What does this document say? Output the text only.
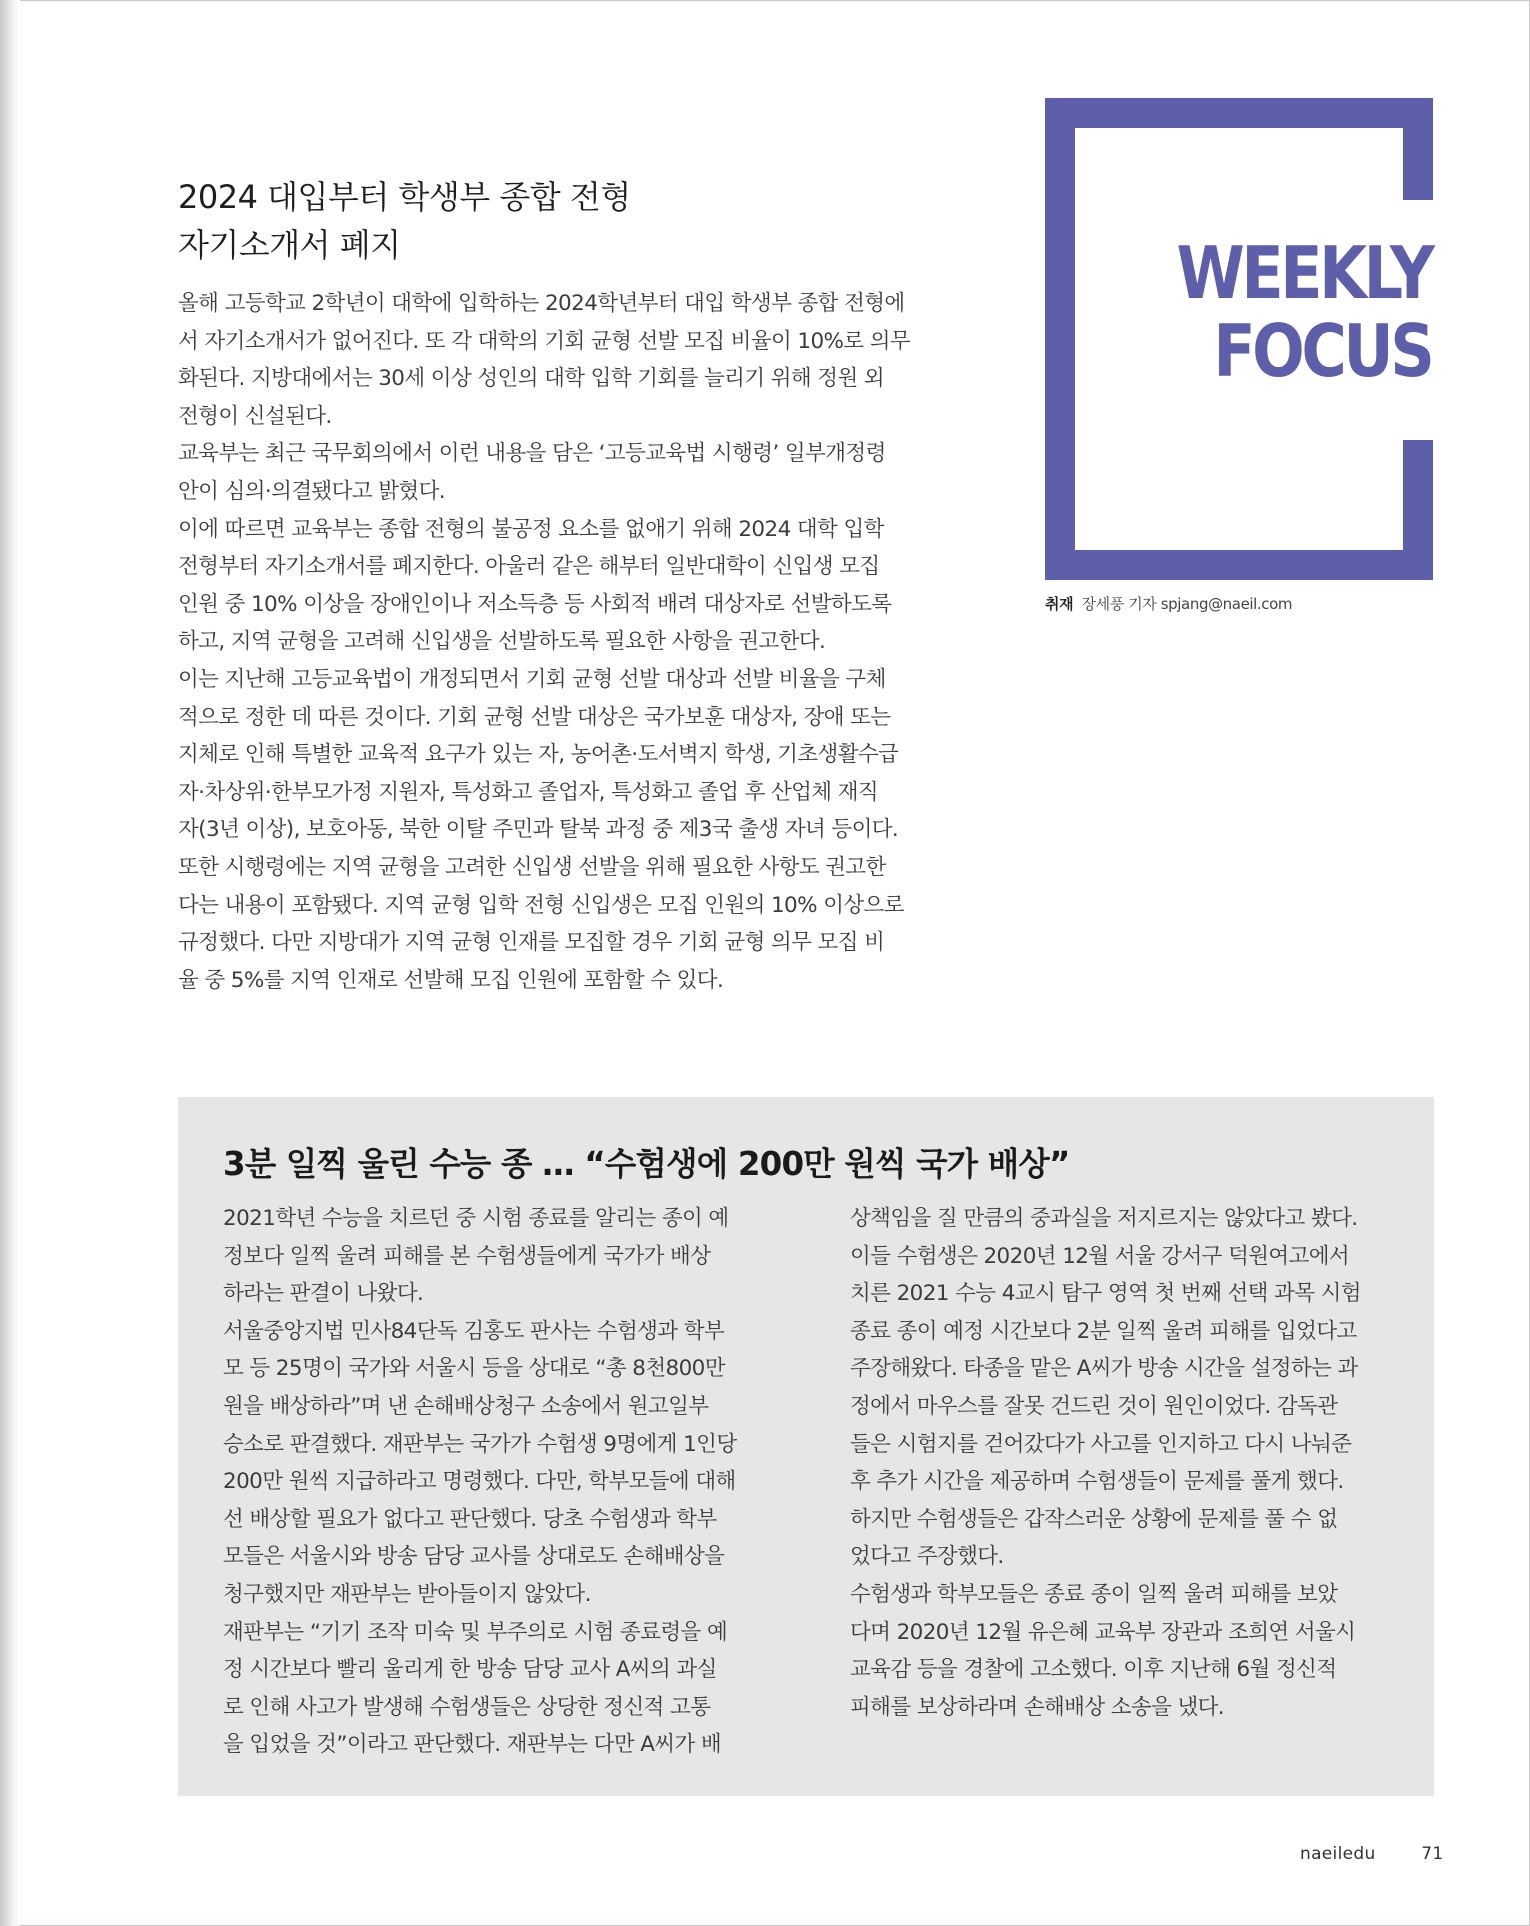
2024 대입부터 학생부 종합 전형
자기소개서 폐지
올해 고등학교 2학년이 대학에 입학하는 2024학년부터 대입 학생부 종합 전형에
서 자기소개서가 없어진다. 또 각 대학의 기회 균형 선발 모집 비율이 10%로 의무
화된다. 지방대에서는 30세 이상 성인의 대학 입학 기회를 늘리기 위해 정원 외
전형이 신설된다.
교육부는 최근 국무회의에서 이런 내용을 담은 ‘고등교육법 시행령’ 일부개정령
안이 심의·의결됐다고 밝혔다.
이에 따르면 교육부는 종합 전형의 불공정 요소를 없애기 위해 2024 대학 입학
전형부터 자기소개서를 폐지한다. 아울러 같은 해부터 일반대학이 신입생 모집
인원 중 10% 이상을 장애인이나 저소득층 등 사회적 배려 대상자로 선발하도록
하고, 지역 균형을 고려해 신입생을 선발하도록 필요한 사항을 권고한다.
이는 지난해 고등교육법이 개정되면서 기회 균형 선발 대상과 선발 비율을 구체
적으로 정한 데 따른 것이다. 기회 균형 선발 대상은 국가보훈 대상자, 장애 또는
지체로 인해 특별한 교육적 요구가 있는 자, 농어촌·도서벽지 학생, 기초생활수급
자·차상위·한부모가정 지원자, 특성화고 졸업자, 특성화고 졸업 후 산업체 재직
자(3년 이상), 보호아동, 북한 이탈 주민과 탈북 과정 중 제3국 출생 자녀 등이다.
또한 시행령에는 지역 균형을 고려한 신입생 선발을 위해 필요한 사항도 권고한
다는 내용이 포함됐다. 지역 균형 입학 전형 신입생은 모집 인원의 10% 이상으로
규정했다. 다만 지방대가 지역 균형 인재를 모집할 경우 기회 균형 의무 모집 비
율 중 5%를 지역 인재로 선발해 모집 인원에 포함할 수 있다.
WEEKLY
FOCUS
취재 장세풍 기자 spjang@naeil.com
3분 일찍 울린 수능 종 … “수험생에 200만 원씩 국가 배상”
2021학년 수능을 치르던 중 시험 종료를 알리는 종이 예
정보다 일찍 울려 피해를 본 수험생들에게 국가가 배상
하라는 판결이 나왔다.
서울중앙지법 민사84단독 김홍도 판사는 수험생과 학부
모 등 25명이 국가와 서울시 등을 상대로 “총 8천800만
원을 배상하라”며 낸 손해배상청구 소송에서 원고일부
승소로 판결했다. 재판부는 국가가 수험생 9명에게 1인당
200만 원씩 지급하라고 명령했다. 다만, 학부모들에 대해
선 배상할 필요가 없다고 판단했다. 당초 수험생과 학부
모들은 서울시와 방송 담당 교사를 상대로도 손해배상을
청구했지만 재판부는 받아들이지 않았다.
재판부는 “기기 조작 미숙 및 부주의로 시험 종료령을 예
정 시간보다 빨리 울리게 한 방송 담당 교사 A씨의 과실
로 인해 사고가 발생해 수험생들은 상당한 정신적 고통
을 입었을 것”이라고 판단했다. 재판부는 다만 A씨가 배
상책임을 질 만큼의 중과실을 저지르지는 않았다고 봤다.
이들 수험생은 2020년 12월 서울 강서구 덕원여고에서
치른 2021 수능 4교시 탐구 영역 첫 번째 선택 과목 시험
종료 종이 예정 시간보다 2분 일찍 울려 피해를 입었다고
주장해왔다. 타종을 맡은 A씨가 방송 시간을 설정하는 과
정에서 마우스를 잘못 건드린 것이 원인이었다. 감독관
들은 시험지를 걷어갔다가 사고를 인지하고 다시 나눠준
후 추가 시간을 제공하며 수험생들이 문제를 풀게 했다.
하지만 수험생들은 갑작스러운 상황에 문제를 풀 수 없
었다고 주장했다.
수험생과 학부모들은 종료 종이 일찍 울려 피해를 보았
다며 2020년 12월 유은혜 교육부 장관과 조희연 서울시
교육감 등을 경찰에 고소했다. 이후 지난해 6월 정신적
피해를 보상하라며 손해배상 소송을 냈다.
naeiledu	71
